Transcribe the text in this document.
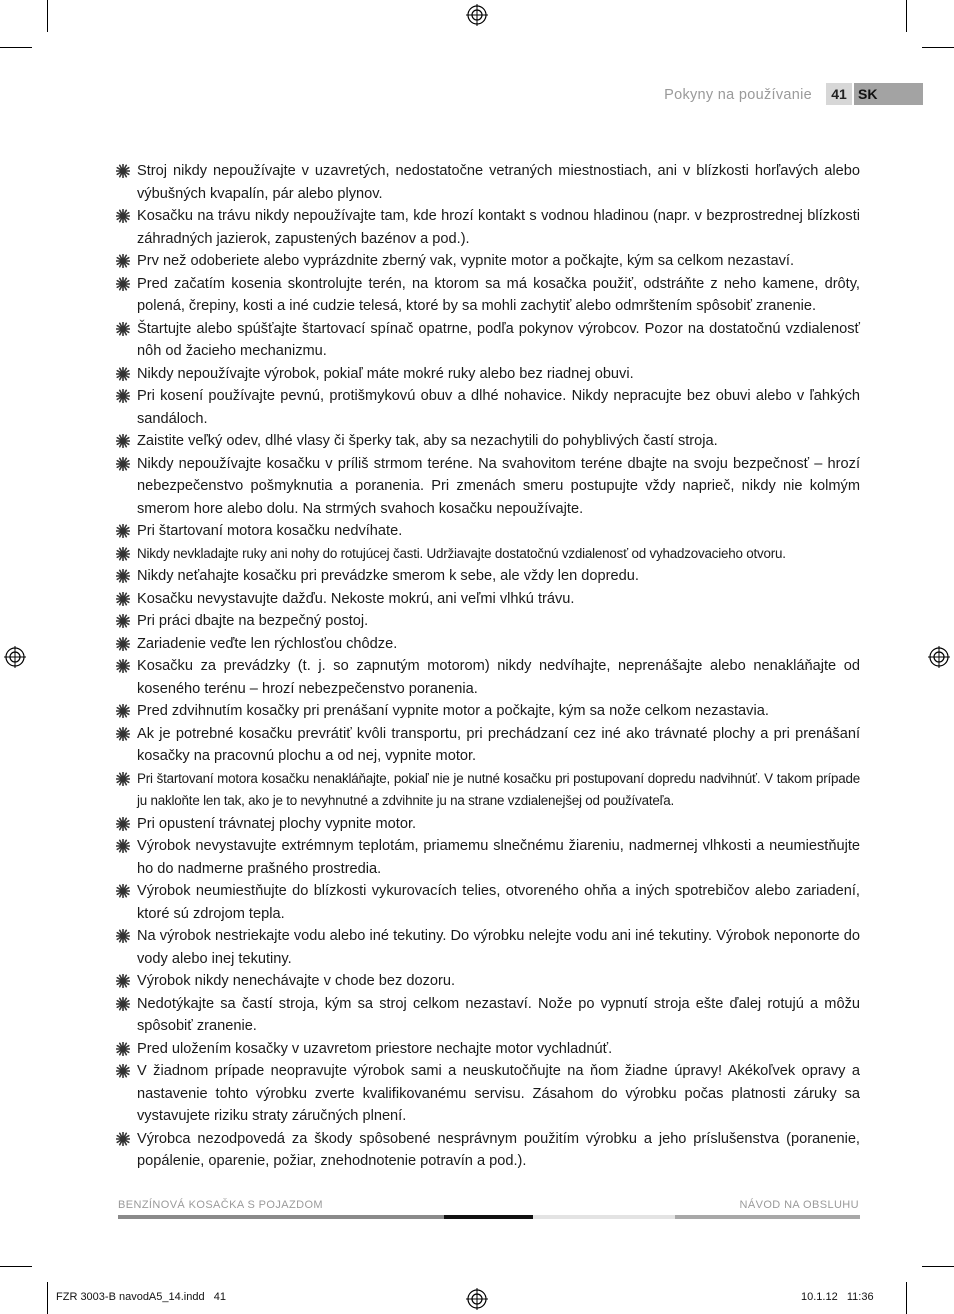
Pokyny na používanie	41 SK
Stroj nikdy nepoužívajte v uzavretých, nedostatočne vetraných miestnostiach, ani v blízkosti horľavých alebo výbušných kvapalín, pár alebo plynov.
Kosačku na trávu nikdy nepoužívajte tam, kde hrozí kontakt s vodnou hladinou (napr. v bezprostrednej blízkosti záhradných jazierok, zapustených bazénov a pod.).
Prv než odoberiete alebo vyprázdnite zberný vak, vypnite motor a počkajte, kým sa celkom nezastaví.
Pred začatím kosenia skontrolujte terén, na ktorom sa má kosačka použiť, odstráňte z neho kamene, drôty, polená, črepiny, kosti a iné cudzie telesá, ktoré by sa mohli zachytiť alebo odmrštením spôsobiť zranenie.
Štartujte alebo spúšťajte štartovací spínač opatrne, podľa pokynov výrobcov. Pozor na dostatočnú vzdialenosť nôh od žacieho mechanizmu.
Nikdy nepoužívajte výrobok, pokiaľ máte mokré ruky alebo bez riadnej obuvi.
Pri kosení používajte pevnú, protišmykovú obuv a dlhé nohavice. Nikdy nepracujte bez obuvi alebo v ľahkých sandáloch.
Zaistite veľký odev, dlhé vlasy či šperky tak, aby sa nezachytili do pohyblivých častí stroja.
Nikdy nepoužívajte kosačku v príliš strmom teréne. Na svahovitom teréne dbajte na svoju bezpečnosť – hrozí nebezpečenstvo pošmyknutia a poranenia. Pri zmenách smeru postupujte vždy naprieč, nikdy nie kolmým smerom hore alebo dolu. Na strmých svahoch kosačku nepoužívajte.
Pri štartovaní motora kosačku nedvíhate.
Nikdy nevkladajte ruky ani nohy do rotujúcej časti. Udržiavajte dostatočnú vzdialenosť od vyhadzovacieho otvoru.
Nikdy neťahajte kosačku pri prevádzke smerom k sebe, ale vždy len dopredu.
Kosačku nevystavujte dažďu. Nekoste mokrú, ani veľmi vlhkú trávu.
Pri práci dbajte na bezpečný postoj.
Zariadenie veďte len rýchlosťou chôdze.
Kosačku za prevádzky (t. j. so zapnutým motorom) nikdy nedvíhajte, neprenášajte alebo nenakláňajte od koseného terénu – hrozí nebezpečenstvo poranenia.
Pred zdvihnutím kosačky pri prenášaní vypnite motor a počkajte, kým sa nože celkom nezastavia.
Ak je potrebné kosačku prevrátiť kvôli transportu, pri prechádzaní cez iné ako trávnaté plochy a pri prenášaní kosačky na pracovnú plochu a od nej, vypnite motor.
Pri štartovaní motora kosačku nenakláňajte, pokiaľ nie je nutné kosačku pri postupovaní dopredu nadvihnúť. V takom prípade ju nakloňte len tak, ako je to nevyhnutné a zdvihnite ju na strane vzdialenejšej od používateľa.
Pri opustení trávnatej plochy vypnite motor.
Výrobok nevystavujte extrémnym teplotám, priamemu slnečnému žiareniu, nadmernej vlhkosti a neumiestňujte ho do nadmerne prašného prostredia.
Výrobok neumiestňujte do blízkosti vykurovacích telies, otvoreného ohňa a iných spotrebičov alebo zariadení, ktoré sú zdrojom tepla.
Na výrobok nestriekajte vodu alebo iné tekutiny. Do výrobku nelejte vodu ani iné tekutiny. Výrobok neponorte do vody alebo inej tekutiny.
Výrobok nikdy nenechávajte v chode bez dozoru.
Nedotýkajte sa častí stroja, kým sa stroj celkom nezastaví. Nože po vypnutí stroja ešte ďalej rotujú a môžu spôsobiť zranenie.
Pred uložením kosačky v uzavretom priestore nechajte motor vychladnúť.
V žiadnom prípade neopravujte výrobok sami a neuskutočňujte na ňom žiadne úpravy! Akékoľvek opravy a nastavenie tohto výrobku zverte kvalifikovanému servisu. Zásahom do výrobku počas platnosti záruky sa vystavujete riziku straty záručných plnení.
Výrobca nezodpovedá za škody spôsobené nesprávnym použitím výrobku a jeho príslušenstva (poranenie, popálenie, oparenie, požiar, znehodnotenie potravín a pod.).
BENZÍNOVÁ KOSAČKA S POJAZDOM	NÁVOD NA OBSLUHU
FZR 3003-B navodA5_14.indd   41	10.1.12   11:36
